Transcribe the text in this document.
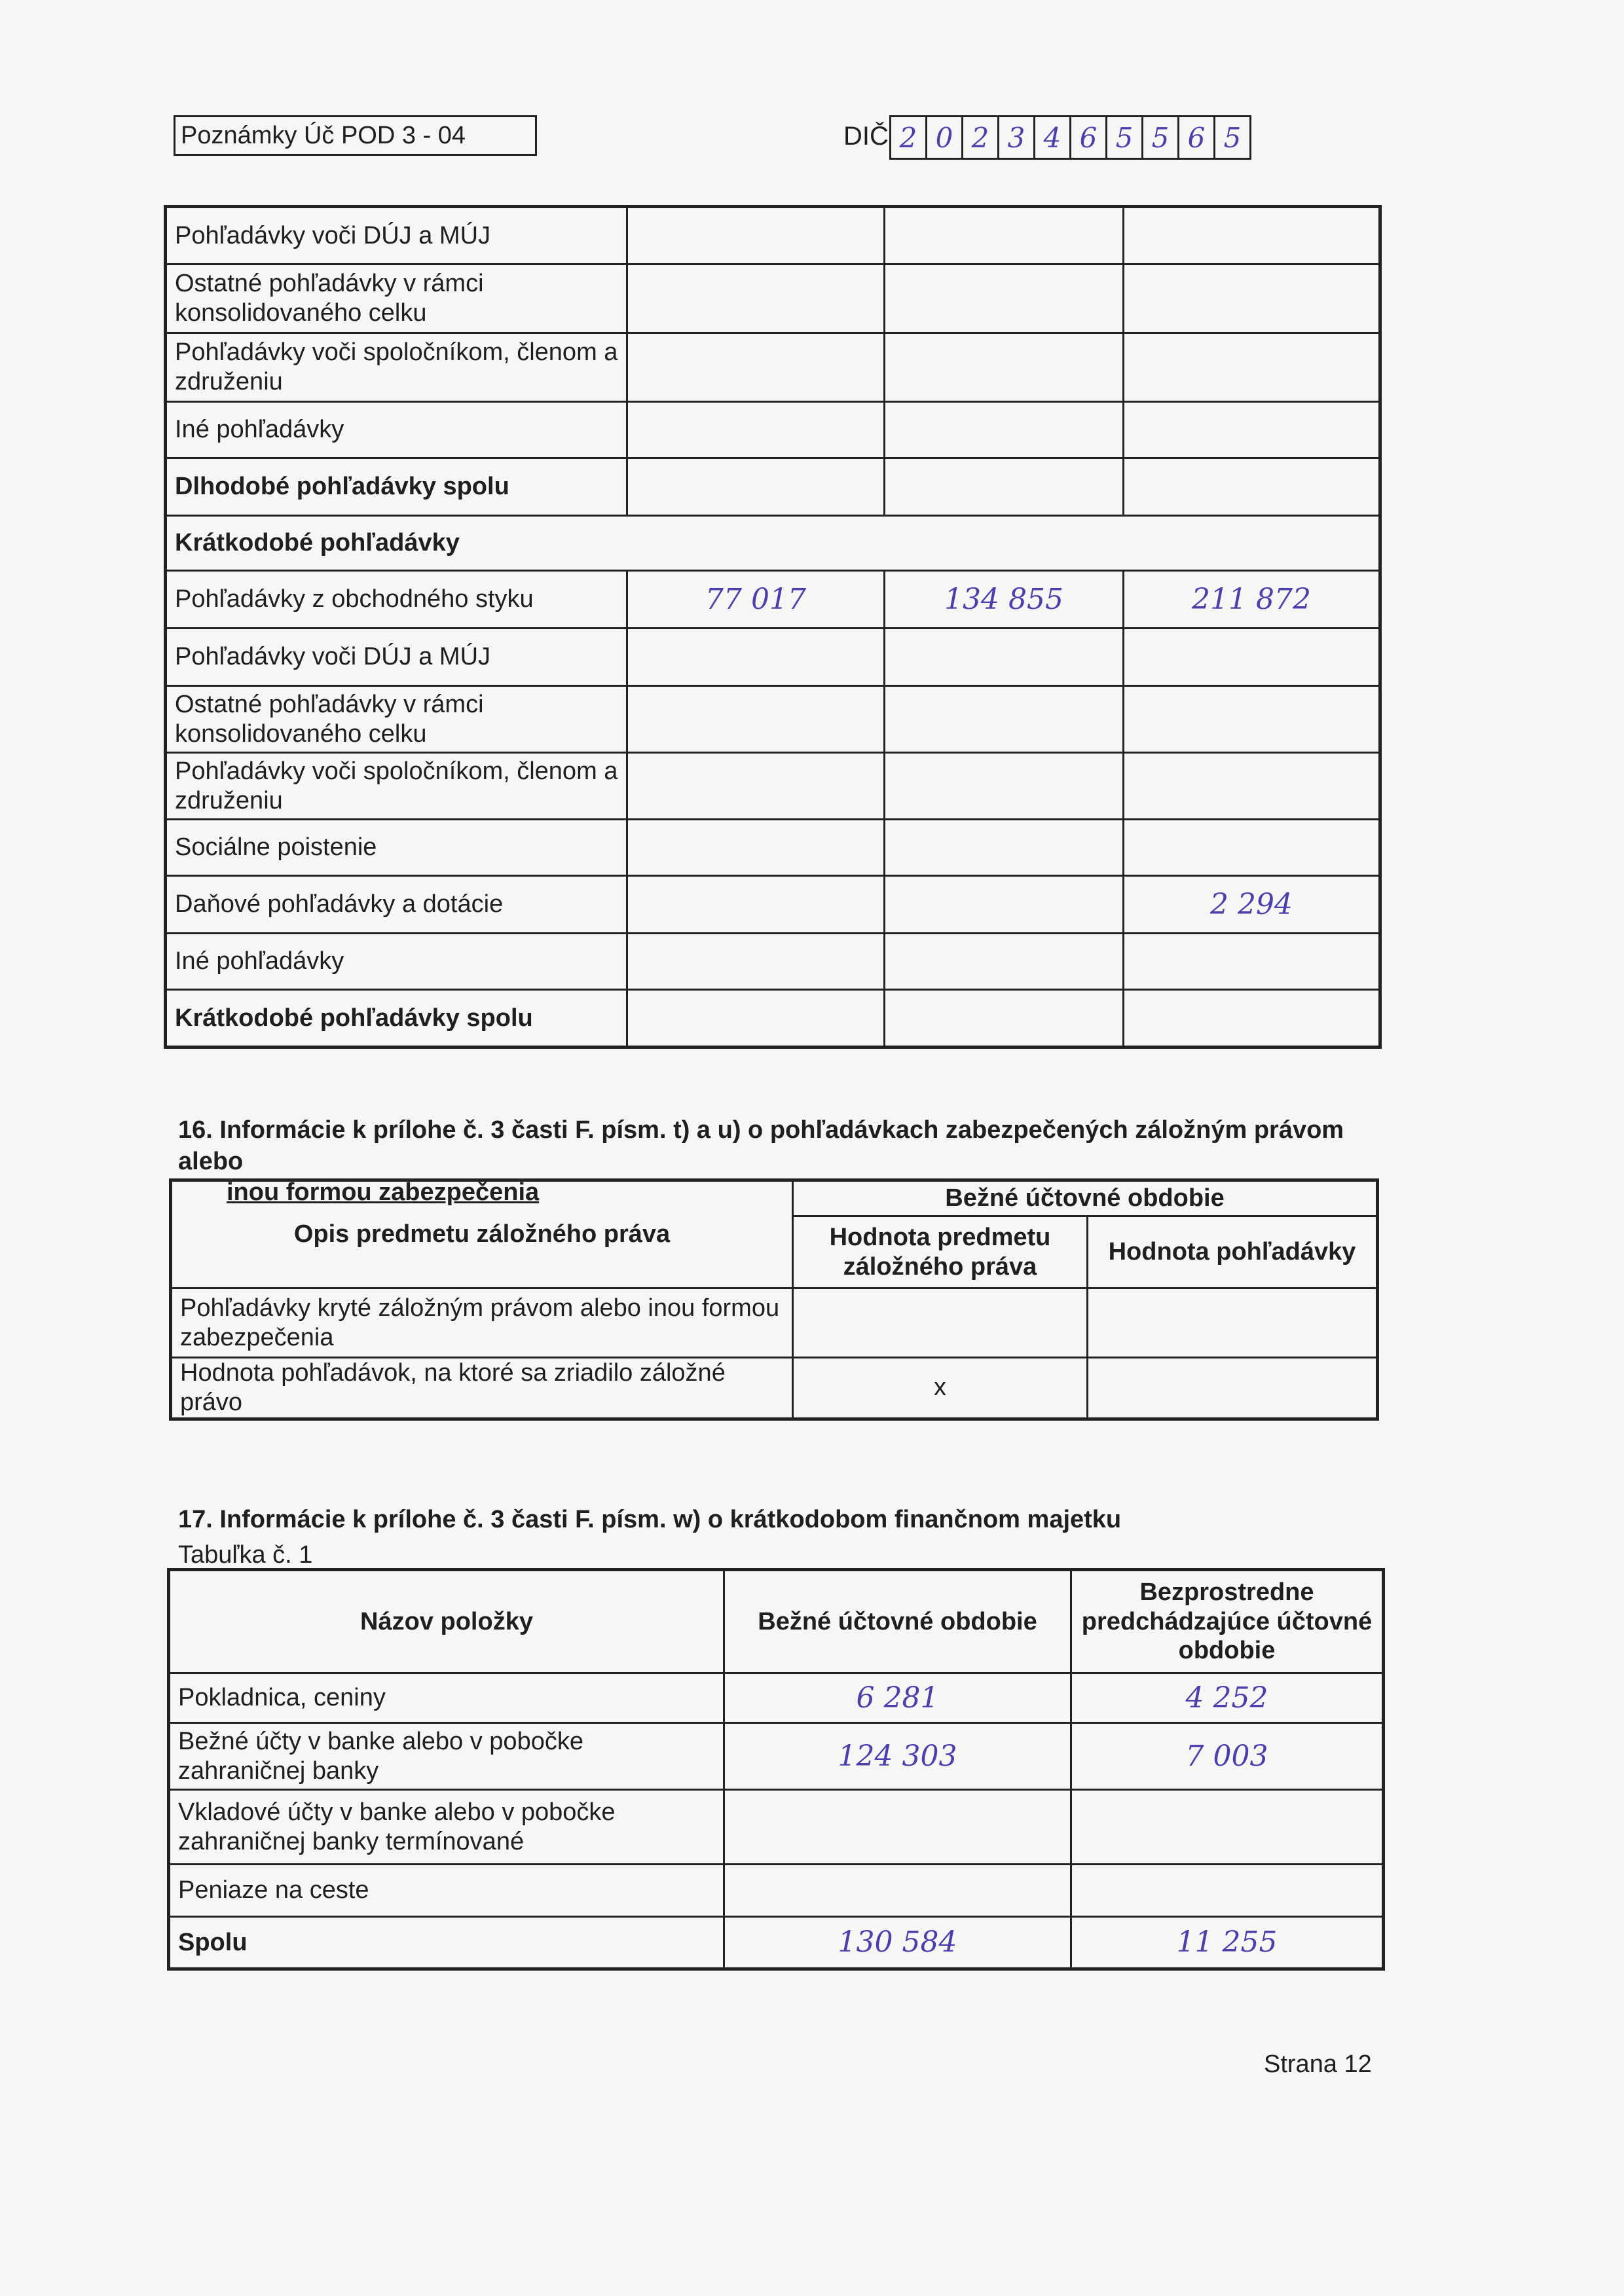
Poznámky Úč POD 3 - 04	DIČ 2 0 2 3 4 6 5 5 6 5
Pohľadávky voči DÚJ a MÚJ			
Ostatné pohľadávky v rámci konsolidovaného celku			
Pohľadávky voči spoločníkom, členom a združeniu			
Iné pohľadávky			
Dlhodobé pohľadávky spolu			
Krátkodobé pohľadávky			
Pohľadávky z obchodného styku	77 017	134 855	211 872
Pohľadávky voči DÚJ a MÚJ			
Ostatné pohľadávky v rámci konsolidovaného celku			
Pohľadávky voči spoločníkom, členom a združeniu			
Sociálne poistenie			
Daňové pohľadávky a dotácie			2 294
Iné pohľadávky			
Krátkodobé pohľadávky spolu			
16. Informácie k prílohe č. 3 časti F. písm. t) a u) o pohľadávkach zabezpečených záložným právom alebo
inou formou zabezpečenia
Opis predmetu záložného práva	Bežné účtovné obdobie	
	Hodnota predmetu záložného práva	Hodnota pohľadávky
Pohľadávky kryté záložným právom alebo inou formou zabezpečenia		
Hodnota pohľadávok, na ktoré sa zriadilo záložné právo	x	
17. Informácie k prílohe č. 3 časti F. písm. w) o krátkodobom finančnom majetku
Tabuľka č. 1
Názov položky	Bežné účtovné obdobie	Bezprostredne predchádzajúce účtovné obdobie
Pokladnica, ceniny	6 281	4 252
Bežné účty v banke alebo v pobočke zahraničnej banky	124 303	7 003
Vkladové účty v banke alebo v pobočke zahraničnej banky termínované		
Peniaze na ceste		
Spolu	130 584	11 255
Strana 12
